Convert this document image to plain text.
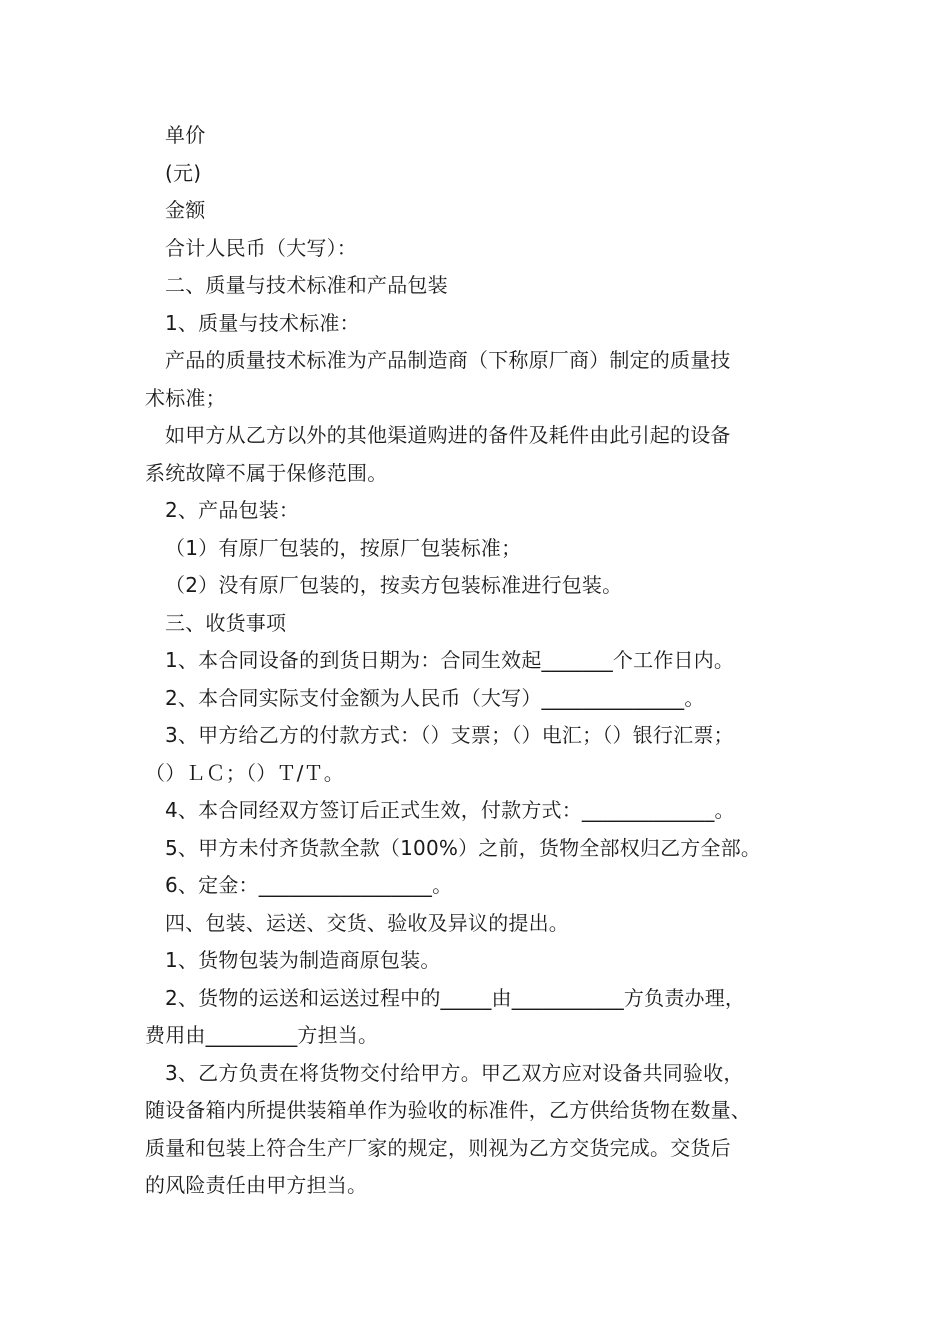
单价
(元)
金额
合计人民币（大写）：
二、质量与技术标准和产品包装
1、质量与技术标准：
产品的质量技术标准为产品制造商（下称原厂商）制定的质量技
术标准；
如甲方从乙方以外的其他渠道购进的备件及耗件由此引起的设备
系统故障不属于保修范围。
2、产品包装：
（1）有原厂包装的，按原厂包装标准；
（2）没有原厂包装的，按卖方包装标准进行包装。
三、收货事项
1、本合同设备的到货日期为：合同生效起_______个工作日内。
2、本合同实际支付金额为人民币（大写）______________。
3、甲方给乙方的付款方式：（）支票；（）电汇；（）银行汇票；
（）ＬＣ；（）Ｔ/Ｔ。
4、本合同经双方签订后正式生效，付款方式：_____________。
5、甲方未付齐货款全款（100%）之前，货物全部权归乙方全部。
6、定金：_________________。
四、包装、运送、交货、验收及异议的提出。
1、货物包装为制造商原包装。
2、货物的运送和运送过程中的_____由___________方负责办理，
费用由_________方担当。
3、乙方负责在将货物交付给甲方。甲乙双方应对设备共同验收，
随设备箱内所提供装箱单作为验收的标准件，乙方供给货物在数量、
质量和包装上符合生产厂家的规定，则视为乙方交货完成。交货后
的风险责任由甲方担当。
